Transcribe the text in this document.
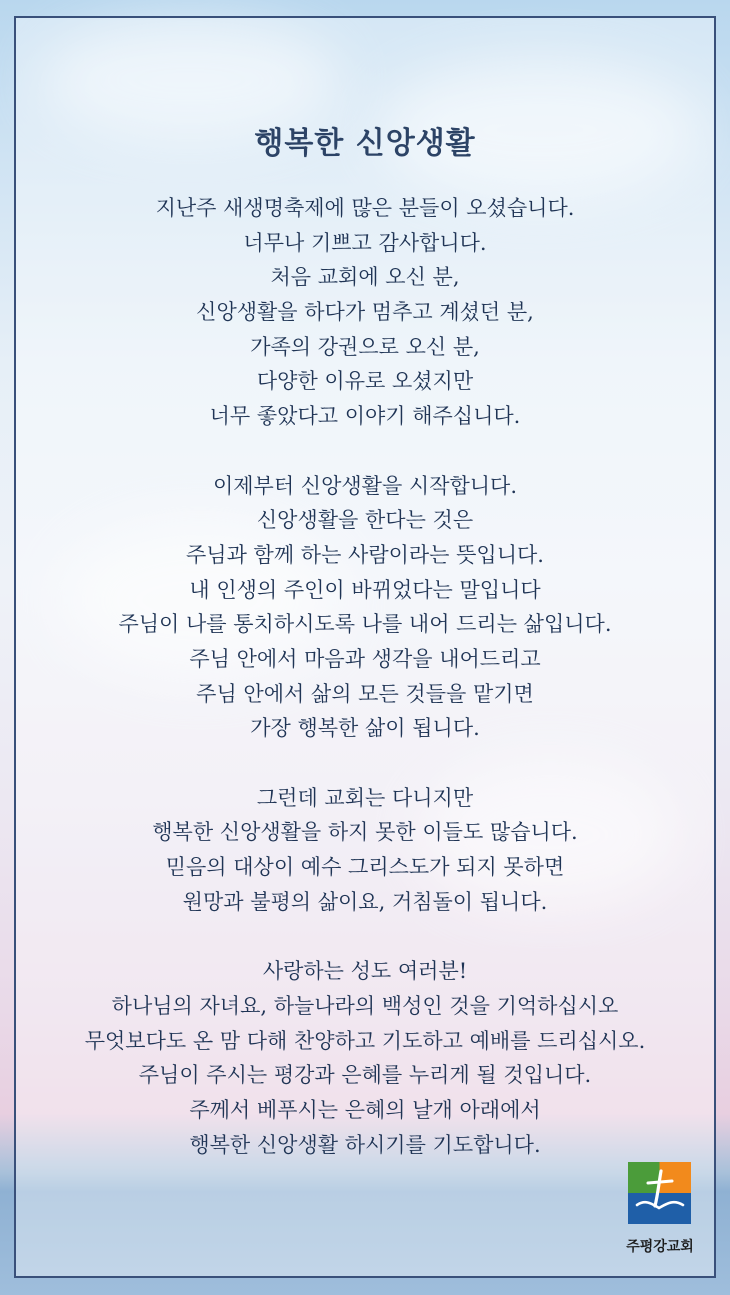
행복한 신앙생활
지난주 새생명축제에 많은 분들이 오셨습니다.
너무나 기쁘고 감사합니다.
처음 교회에 오신 분,
신앙생활을 하다가 멈추고 계셨던 분,
가족의 강권으로 오신 분,
다양한 이유로 오셨지만
너무 좋았다고 이야기 해주십니다.
이제부터 신앙생활을 시작합니다.
신앙생활을 한다는 것은
주님과 함께 하는 사람이라는 뜻입니다.
내 인생의 주인이 바뀌었다는 말입니다
주님이 나를 통치하시도록 나를 내어 드리는 삶입니다.
주님 안에서 마음과 생각을 내어드리고
주님 안에서 삶의 모든 것들을 맡기면
가장 행복한 삶이 됩니다.
그런데 교회는 다니지만
행복한 신앙생활을 하지 못한 이들도 많습니다.
믿음의 대상이 예수 그리스도가 되지 못하면
원망과 불평의 삶이요, 거침돌이 됩니다.
사랑하는 성도 여러분!
하나님의 자녀요, 하늘나라의 백성인 것을 기억하십시오
무엇보다도 온 맘 다해 찬양하고 기도하고 예배를 드리십시오.
주님이 주시는 평강과 은혜를 누리게 될 것입니다.
주께서 베푸시는 은혜의 날개 아래에서
행복한 신앙생활 하시기를 기도합니다.
주평강교회
